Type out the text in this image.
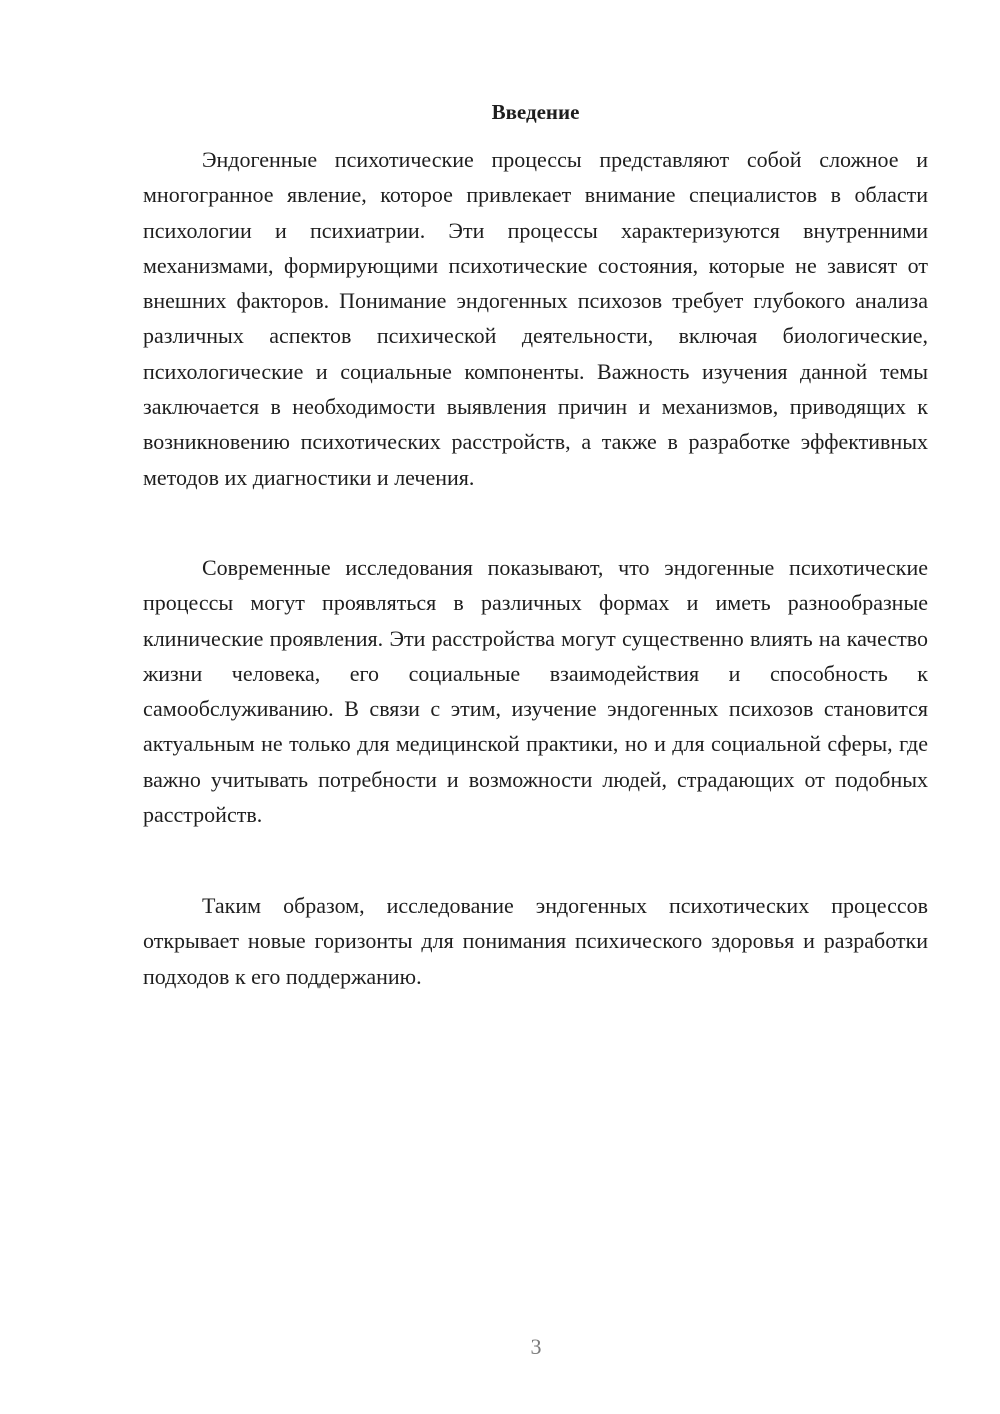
Введение

Эндогенные психотические процессы представляют собой сложное и многогранное явление, которое привлекает внимание специалистов в области психологии и психиатрии. Эти процессы характеризуются внутренними механизмами, формирующими психотические состояния, которые не зависят от внешних факторов. Понимание эндогенных психозов требует глубокого анализа различных аспектов психической деятельности, включая биологические, психологические и социальные компоненты. Важность изучения данной темы заключается в необходимости выявления причин и механизмов, приводящих к возникновению психотических расстройств, а также в разработке эффективных методов их диагностики и лечения.

Современные исследования показывают, что эндогенные психотические процессы могут проявляться в различных формах и иметь разнообразные клинические проявления. Эти расстройства могут существенно влиять на качество жизни человека, его социальные взаимодействия и способность к самообслуживанию. В связи с этим, изучение эндогенных психозов становится актуальным не только для медицинской практики, но и для социальной сферы, где важно учитывать потребности и возможности людей, страдающих от подобных расстройств.

Таким образом, исследование эндогенных психотических процессов открывает новые горизонты для понимания психического здоровья и разработки подходов к его поддержанию.

3
